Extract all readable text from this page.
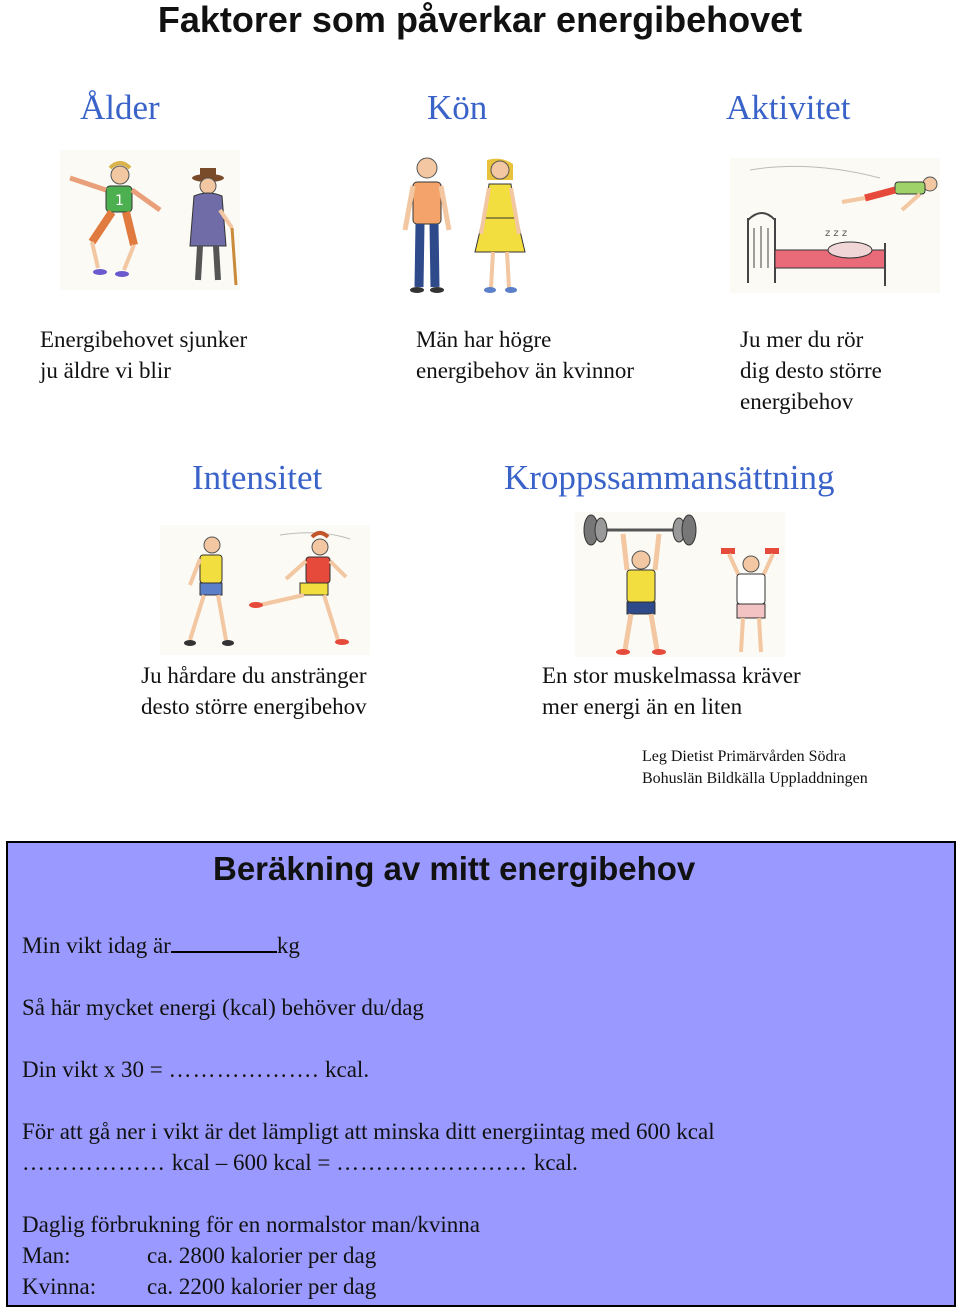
Faktorer som påverkar energibehovet
Ålder	Kön	Aktivitet
1
z z z
Energibehovet sjunker
ju äldre vi blir
Män har högre
energibehov än kvinnor
Ju mer du rör
dig desto större
energibehov
Intensitet	Kroppssammansättning
Ju hårdare du anstränger
desto större energibehov
En stor muskelmassa kräver
mer energi än en liten
Leg Dietist Primärvården Södra
Bohuslän Bildkälla Uppladdningen
Beräkning av mitt energibehov
Min vikt idag är	kg
Så här mycket energi (kcal) behöver du/dag
Din vikt x 30 = ………………. kcal.
För att gå ner i vikt är det lämpligt att minska ditt energiintag med 600 kcal
……………… kcal – 600 kcal = …………………… kcal.
Daglig förbrukning för en normalstor man/kvinna
Man:	ca. 2800 kalorier per dag
Kvinna: ca. 2200 kalorier per dag
